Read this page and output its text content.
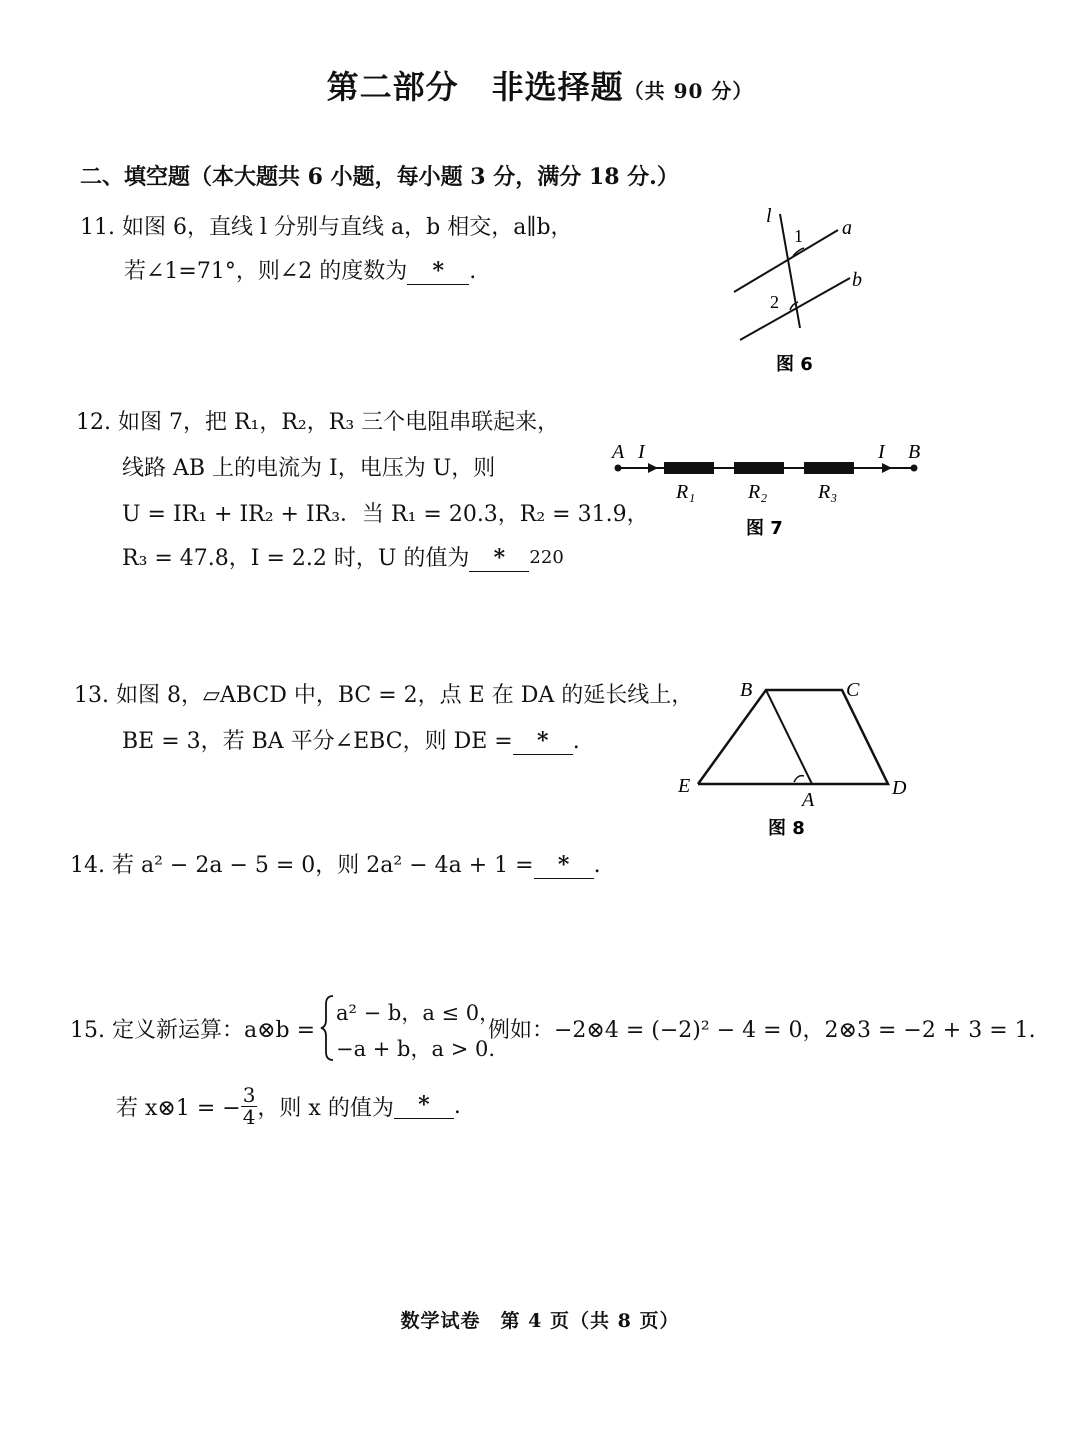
第二部分　非选择题（共 90 分）
二、填空题（本大题共 6 小题，每小题 3 分，满分 18 分.）
11. 如图 6，直线 l 分别与直线 a，b 相交，a∥b，
若∠1=71°，则∠2 的度数为 * .
l
a
b
1
2
图 6
12. 如图 7，把 R₁，R₂，R₃ 三个电阻串联起来，
线路 AB 上的电流为 I，电压为 U，则
U = IR₁ + IR₂ + IR₃．当 R₁ = 20.3，R₂ = 31.9，
R₃ = 47.8，I = 2.2 时，U 的值为 * 220
A I	I B
R₁	R₂	R₃
图 7
13. 如图 8，▱ABCD 中，BC = 2，点 E 在 DA 的延长线上，
BE = 3，若 BA 平分∠EBC，则 DE = * .
B	C
E
A
D
图 8
14. 若 a² − 2a − 5 = 0，则 2a² − 4a + 1 = * .
15. 定义新运算：a⊗b =
a² − b，a ≤ 0，
−a + b，a > 0.
例如：−2⊗4 = (−2)² − 4 = 0，2⊗3 = −2 + 3 = 1.
若 x⊗1 = − $\frac{3}{4}$ ，则 x 的值为	*	.
数学试卷　第 4 页（共 8 页）
